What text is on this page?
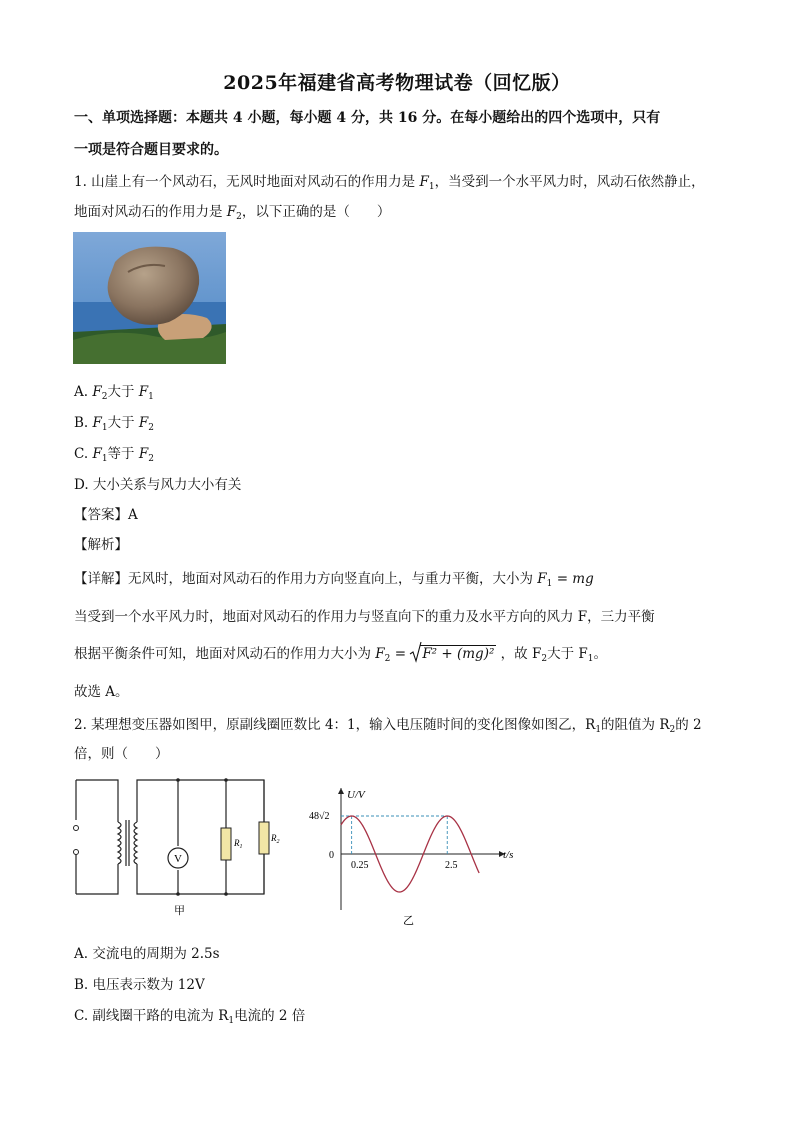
2025年福建省高考物理试卷（回忆版）
一、单项选择题：本题共 4 小题，每小题 4 分，共 16 分。在每小题给出的四个选项中，只有
一项是符合题目要求的。
1. 山崖上有一个风动石，无风时地面对风动石的作用力是 $F_1$，当受到一个水平风力时，风动石依然静止，
地面对风动石的作用力是 $F_2$，以下正确的是（　　）
A. $F_2$大于 $F_1$
B. $F_1$大于 $F_2$
C. $F_1$等于 $F_2$
D. 大小关系与风力大小有关
【答案】A
【解析】
【详解】无风时，地面对风动石的作用力方向竖直向上，与重力平衡，大小为 $F_1$ = mg
当受到一个水平风力时，地面对风动石的作用力与竖直向下的重力及水平方向的风力 F，三力平衡
根据平衡条件可知，地面对风动石的作用力大小为 $F_2 = F^2 + (mg)^2$ ，故 $F_2$大于 $F_1$。
故选 A。
2. 某理想变压器如图甲，原副线圈匝数比 4：1，输入电压随时间的变化图像如图乙，$R_1$的阻值为 $R_2$的 2
倍，则（　　）
V
$R_1$
$R_2$
甲
U/V
t/s
48√2
0
0.25	2.5
乙
A. 交流电的周期为 2.5s
B. 电压表示数为 12V
C. 副线圈干路的电流为 $R_1$电流的 2 倍
